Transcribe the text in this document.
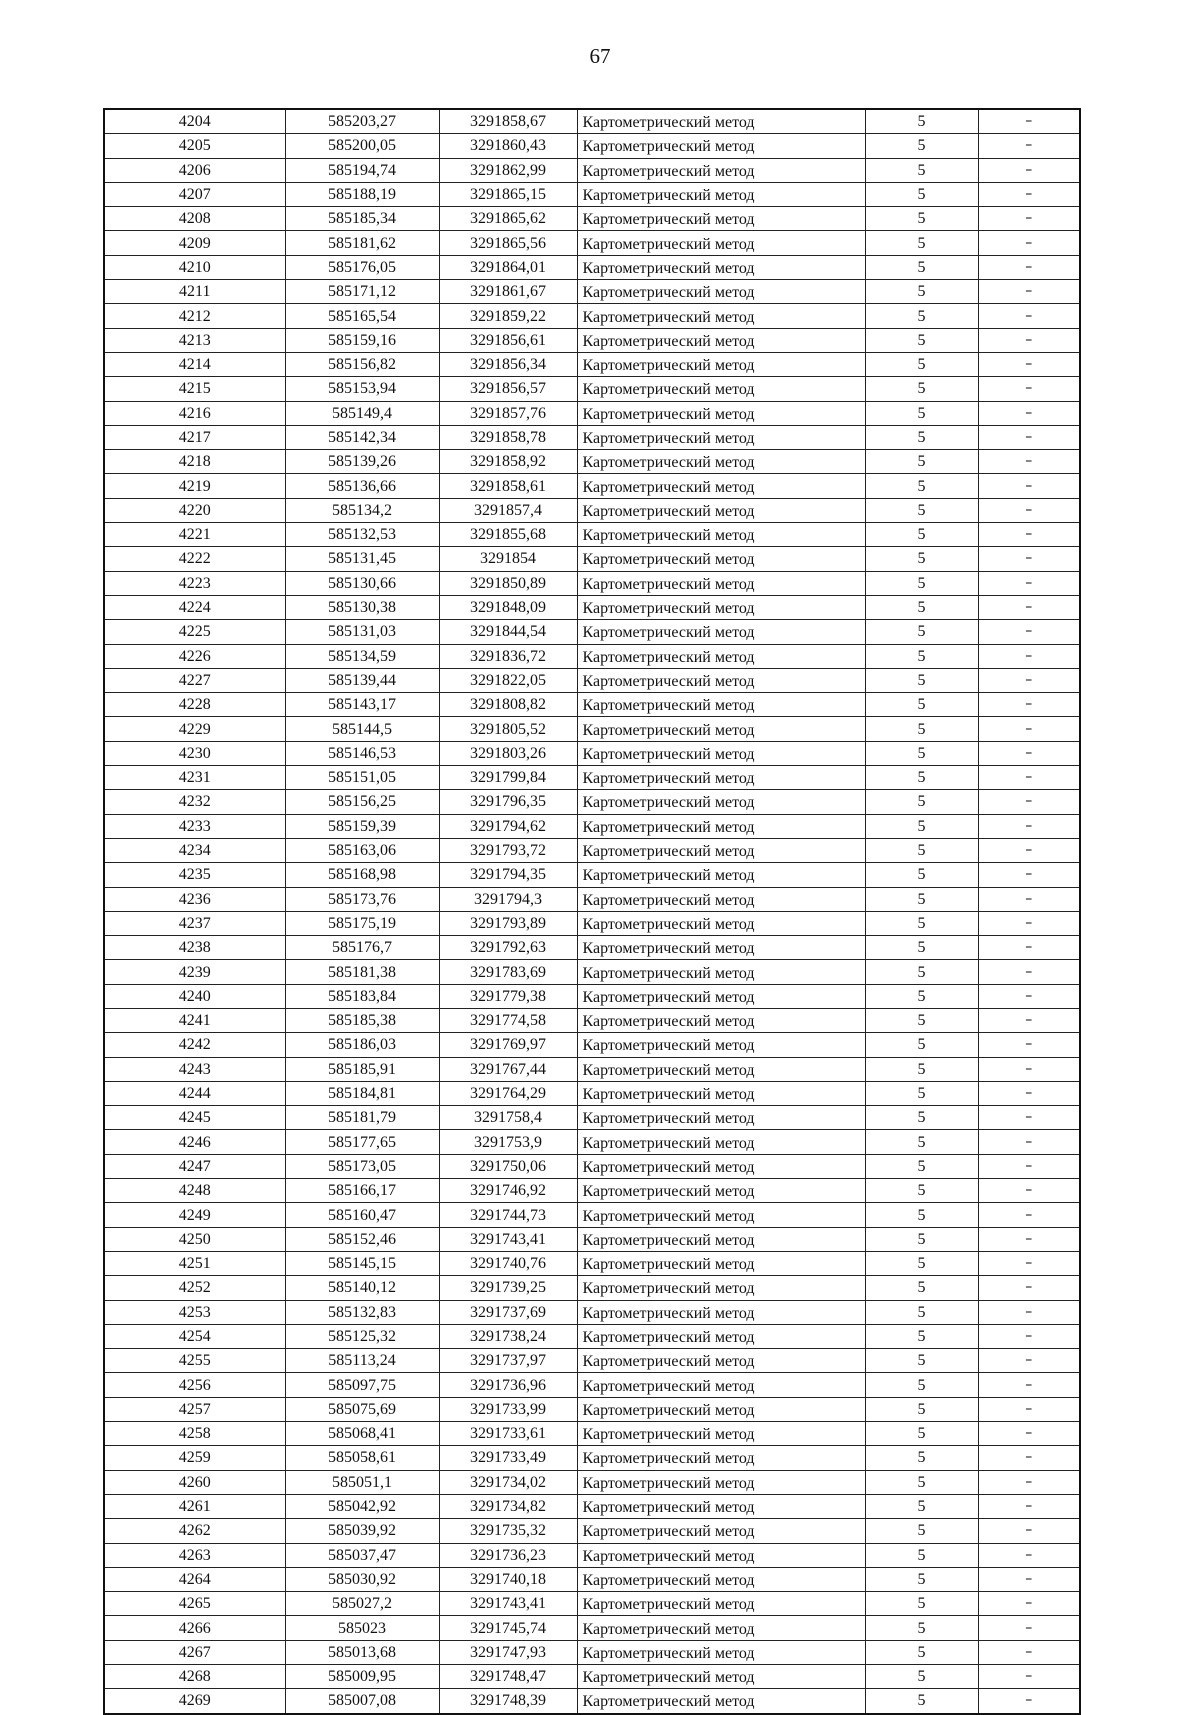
67
4204	585203,27	3291858,67	Картометрический метод	5	–
4205	585200,05	3291860,43	Картометрический метод	5	–
4206	585194,74	3291862,99	Картометрический метод	5	–
4207	585188,19	3291865,15	Картометрический метод	5	–
4208	585185,34	3291865,62	Картометрический метод	5	–
4209	585181,62	3291865,56	Картометрический метод	5	–
4210	585176,05	3291864,01	Картометрический метод	5	–
4211	585171,12	3291861,67	Картометрический метод	5	–
4212	585165,54	3291859,22	Картометрический метод	5	–
4213	585159,16	3291856,61	Картометрический метод	5	–
4214	585156,82	3291856,34	Картометрический метод	5	–
4215	585153,94	3291856,57	Картометрический метод	5	–
4216	585149,4	3291857,76	Картометрический метод	5	–
4217	585142,34	3291858,78	Картометрический метод	5	–
4218	585139,26	3291858,92	Картометрический метод	5	–
4219	585136,66	3291858,61	Картометрический метод	5	–
4220	585134,2	3291857,4	Картометрический метод	5	–
4221	585132,53	3291855,68	Картометрический метод	5	–
4222	585131,45	3291854	Картометрический метод	5	–
4223	585130,66	3291850,89	Картометрический метод	5	–
4224	585130,38	3291848,09	Картометрический метод	5	–
4225	585131,03	3291844,54	Картометрический метод	5	–
4226	585134,59	3291836,72	Картометрический метод	5	–
4227	585139,44	3291822,05	Картометрический метод	5	–
4228	585143,17	3291808,82	Картометрический метод	5	–
4229	585144,5	3291805,52	Картометрический метод	5	–
4230	585146,53	3291803,26	Картометрический метод	5	–
4231	585151,05	3291799,84	Картометрический метод	5	–
4232	585156,25	3291796,35	Картометрический метод	5	–
4233	585159,39	3291794,62	Картометрический метод	5	–
4234	585163,06	3291793,72	Картометрический метод	5	–
4235	585168,98	3291794,35	Картометрический метод	5	–
4236	585173,76	3291794,3	Картометрический метод	5	–
4237	585175,19	3291793,89	Картометрический метод	5	–
4238	585176,7	3291792,63	Картометрический метод	5	–
4239	585181,38	3291783,69	Картометрический метод	5	–
4240	585183,84	3291779,38	Картометрический метод	5	–
4241	585185,38	3291774,58	Картометрический метод	5	–
4242	585186,03	3291769,97	Картометрический метод	5	–
4243	585185,91	3291767,44	Картометрический метод	5	–
4244	585184,81	3291764,29	Картометрический метод	5	–
4245	585181,79	3291758,4	Картометрический метод	5	–
4246	585177,65	3291753,9	Картометрический метод	5	–
4247	585173,05	3291750,06	Картометрический метод	5	–
4248	585166,17	3291746,92	Картометрический метод	5	–
4249	585160,47	3291744,73	Картометрический метод	5	–
4250	585152,46	3291743,41	Картометрический метод	5	–
4251	585145,15	3291740,76	Картометрический метод	5	–
4252	585140,12	3291739,25	Картометрический метод	5	–
4253	585132,83	3291737,69	Картометрический метод	5	–
4254	585125,32	3291738,24	Картометрический метод	5	–
4255	585113,24	3291737,97	Картометрический метод	5	–
4256	585097,75	3291736,96	Картометрический метод	5	–
4257	585075,69	3291733,99	Картометрический метод	5	–
4258	585068,41	3291733,61	Картометрический метод	5	–
4259	585058,61	3291733,49	Картометрический метод	5	–
4260	585051,1	3291734,02	Картометрический метод	5	–
4261	585042,92	3291734,82	Картометрический метод	5	–
4262	585039,92	3291735,32	Картометрический метод	5	–
4263	585037,47	3291736,23	Картометрический метод	5	–
4264	585030,92	3291740,18	Картометрический метод	5	–
4265	585027,2	3291743,41	Картометрический метод	5	–
4266	585023	3291745,74	Картометрический метод	5	–
4267	585013,68	3291747,93	Картометрический метод	5	–
4268	585009,95	3291748,47	Картометрический метод	5	–
4269	585007,08	3291748,39	Картометрический метод	5	–
